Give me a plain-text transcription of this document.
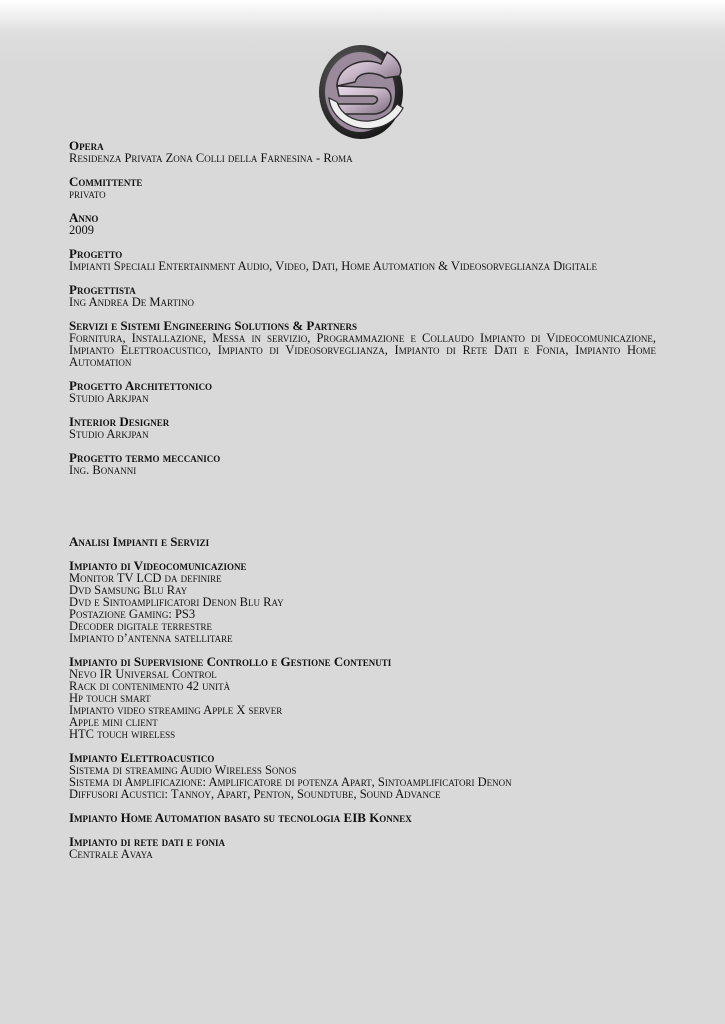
Opera
Residenza Privata Zona Colli della Farnesina - Roma
Committente
privato
Anno
2009
Progetto
Impianti Speciali Entertainment Audio, Video, Dati, Home Automation & Videosorveglianza Digitale
Progettista
Ing Andrea De Martino
Servizi e Sistemi Engineering Solutions & Partners
Fornitura, Installazione, Messa in servizio, Programmazione e Collaudo Impianto di Videocomunicazione, Impianto Elettroacustico, Impianto di Videosorveglianza, Impianto di Rete Dati e Fonia, Impianto Home Automation
Progetto Architettonico
Studio Arkjpan
Interior Designer
Studio Arkjpan
Progetto termo meccanico
Ing. Bonanni
Analisi Impianti e Servizi
Impianto di Videocomunicazione
Monitor TV LCD da definire
Dvd Samsung Blu Ray
Dvd e Sintoamplificatori Denon Blu Ray
Postazione Gaming: PS3
Decoder digitale terrestre
Impianto d’antenna satellitare
Impianto di Supervisione Controllo e Gestione Contenuti
Nevo IR Universal Control
Rack di contenimento 42 unità
Hp touch smart
Impianto video streaming Apple X server
Apple mini client
HTC touch wireless
Impianto Elettroacustico
Sistema di streaming Audio Wireless Sonos
Sistema di Amplificazione: Amplificatore di potenza Apart, Sintoamplificatori Denon
Diffusori Acustici: Tannoy, Apart, Penton, Soundtube, Sound Advance
Impianto Home Automation basato su tecnologia EIB Konnex
Impianto di rete dati e fonia
Centrale Avaya
